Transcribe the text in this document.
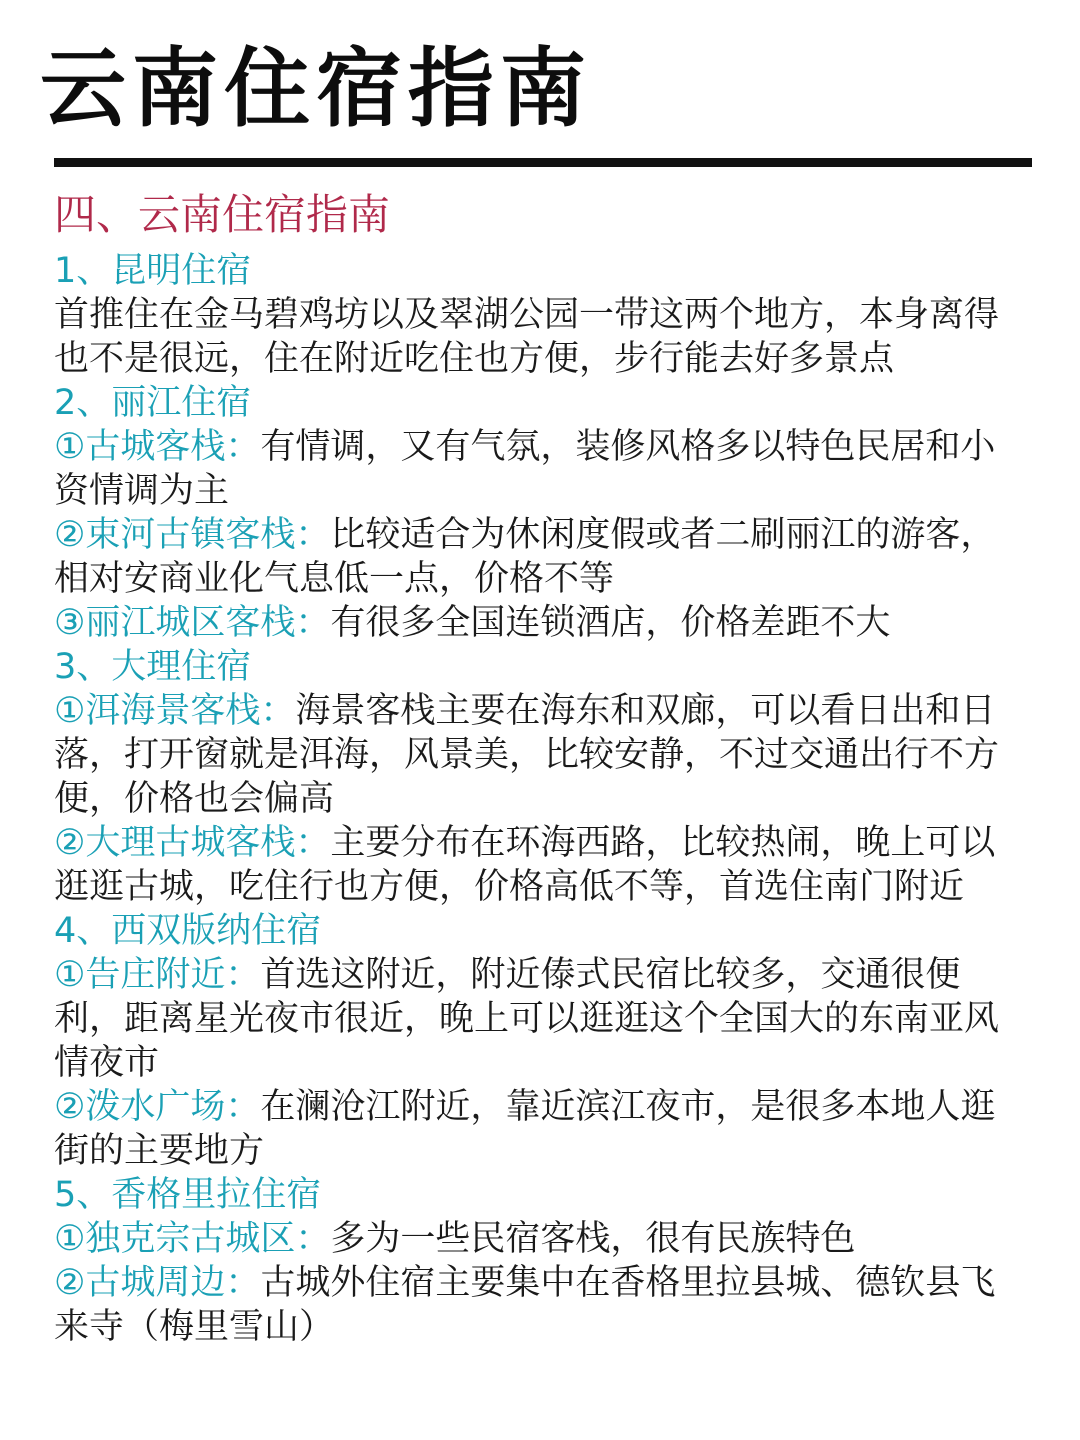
云南住宿指南
四、云南住宿指南

1、昆明住宿

首推住在金马碧鸡坊以及翠湖公园一带这两个地方，本身离得也不是很远，住在附近吃住也方便，步行能去好多景点

2、丽江住宿

①古城客栈：有情调，又有气氛，装修风格多以特色民居和小资情调为主

②束河古镇客栈：比较适合为休闲度假或者二刷丽江的游客，相对安商业化气息低一点，价格不等

③丽江城区客栈：有很多全国连锁酒店，价格差距不大

3、大理住宿

①洱海景客栈：海景客栈主要在海东和双廊，可以看日出和日落，打开窗就是洱海，风景美，比较安静，不过交通出行不方便，价格也会偏高

②大理古城客栈：主要分布在环海西路，比较热闹，晚上可以逛逛古城，吃住行也方便，价格高低不等，首选住南门附近

4、西双版纳住宿

①告庄附近：首选这附近，附近傣式民宿比较多，交通很便利，距离星光夜市很近，晚上可以逛逛这个全国大的东南亚风情夜市

②泼水广场：在澜沧江附近，靠近滨江夜市，是很多本地人逛街的主要地方

5、香格里拉住宿

①独克宗古城区：多为一些民宿客栈，很有民族特色

②古城周边：古城外住宿主要集中在香格里拉县城、德钦县飞来寺（梅里雪山）
